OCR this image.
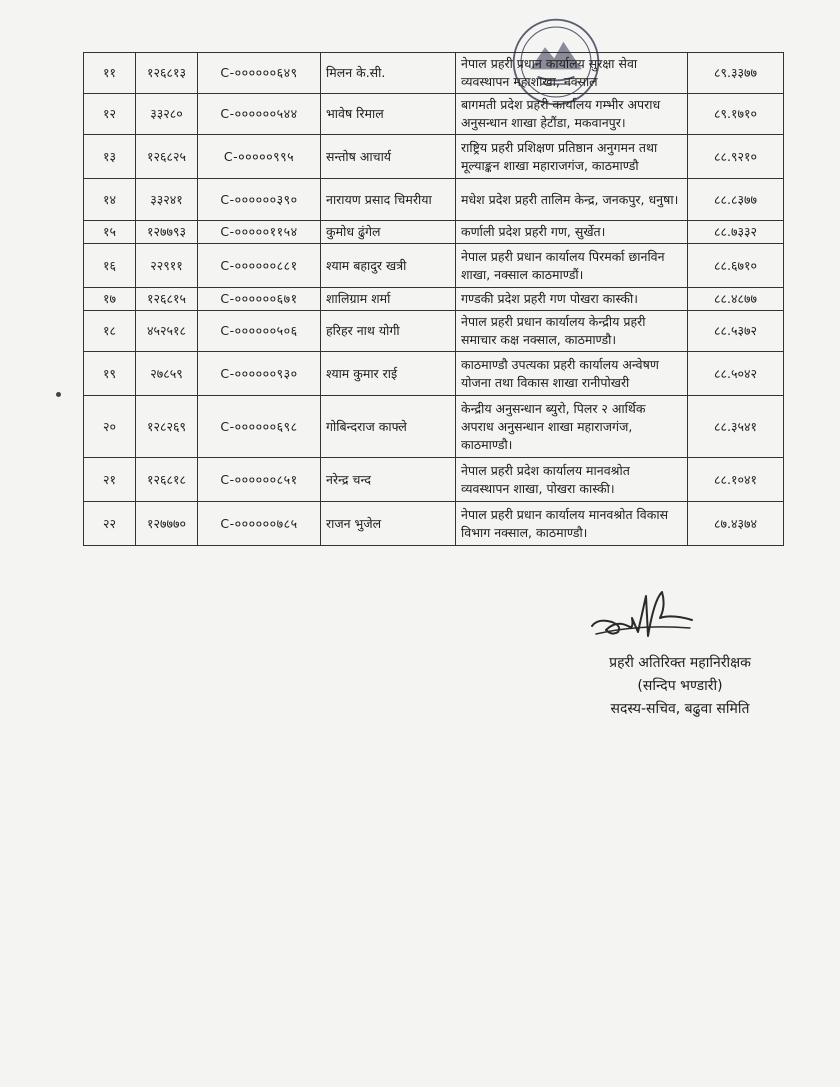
११	१२६८१३	C-००००००६४९	मिलन के.सी.	नेपाल प्रहरी प्रधान कार्यालय सुरक्षा सेवा व्यवस्थापन महाशाखा, नक्साल	८९.३३७७
१२	३३२८०	C-००००००५४४	भावेष रिमाल	बागमती प्रदेश प्रहरी कार्यालय गम्भीर अपराध अनुसन्धान शाखा हेटौंडा, मकवानपुर।	८९.१७१०
१३	१२६८२५	C-०००००९९५	सन्तोष आचार्य	राष्ट्रिय प्रहरी प्रशिक्षण प्रतिष्ठान अनुगमन तथा मूल्याङ्कन शाखा महाराजगंज, काठमाण्डौ	८८.९२१०
१४	३३२४१	C-००००००३९०	नारायण प्रसाद चिमरीया	मधेश प्रदेश प्रहरी तालिम केन्द्र, जनकपुर, धनुषा।	८८.८३७७
१५	१२७७९३	C-०००००११५४	कुमोध ढुंगेल	कर्णाली प्रदेश प्रहरी गण, सुर्खेत।	८८.७३३२
१६	२२९११	C-००००००८८१	श्याम बहादुर खत्री	नेपाल प्रहरी प्रधान कार्यालय पिरमर्का छानविन शाखा, नक्साल काठमाण्डौं।	८८.६७१०
१७	१२६८१५	C-००००००६७१	शालिग्राम शर्मा	गण्डकी प्रदेश प्रहरी गण पोखरा कास्की।	८८.४८७७
१८	४५२५१८	C-००००००५०६	हरिहर नाथ योगी	नेपाल प्रहरी प्रधान कार्यालय केन्द्रीय प्रहरी समाचार कक्ष नक्साल, काठमाण्डौ।	८८.५३७२
१९	२७८५९	C-००००००९३०	श्याम कुमार राई	काठमाण्डौ उपत्यका प्रहरी कार्यालय अन्वेषण योजना तथा विकास शाखा रानीपोखरी	८८.५०४२
२०	१२८२६९	C-००००००६९८	गोबिन्दराज काफ्ले	केन्द्रीय अनुसन्धान ब्युरो, पिलर २ आर्थिक अपराध अनुसन्धान शाखा महाराजगंज, काठमाण्डौ।	८८.३५४१
२१	१२६८१८	C-००००००८५१	नरेन्द्र चन्द	नेपाल प्रहरी प्रदेश कार्यालय मानवश्रोत व्यवस्थापन शाखा, पोखरा कास्की।	८८.१०४१
२२	१२७७७०	C-००००००७८५	राजन भुजेल	नेपाल प्रहरी प्रधान कार्यालय मानवश्रोत विकास विभाग नक्साल, काठमाण्डौ।	८७.४३७४
प्रहरी अतिरिक्त महानिरीक्षक
(सन्दिप भण्डारी)
सदस्य-सचिव, बढुवा समिति
